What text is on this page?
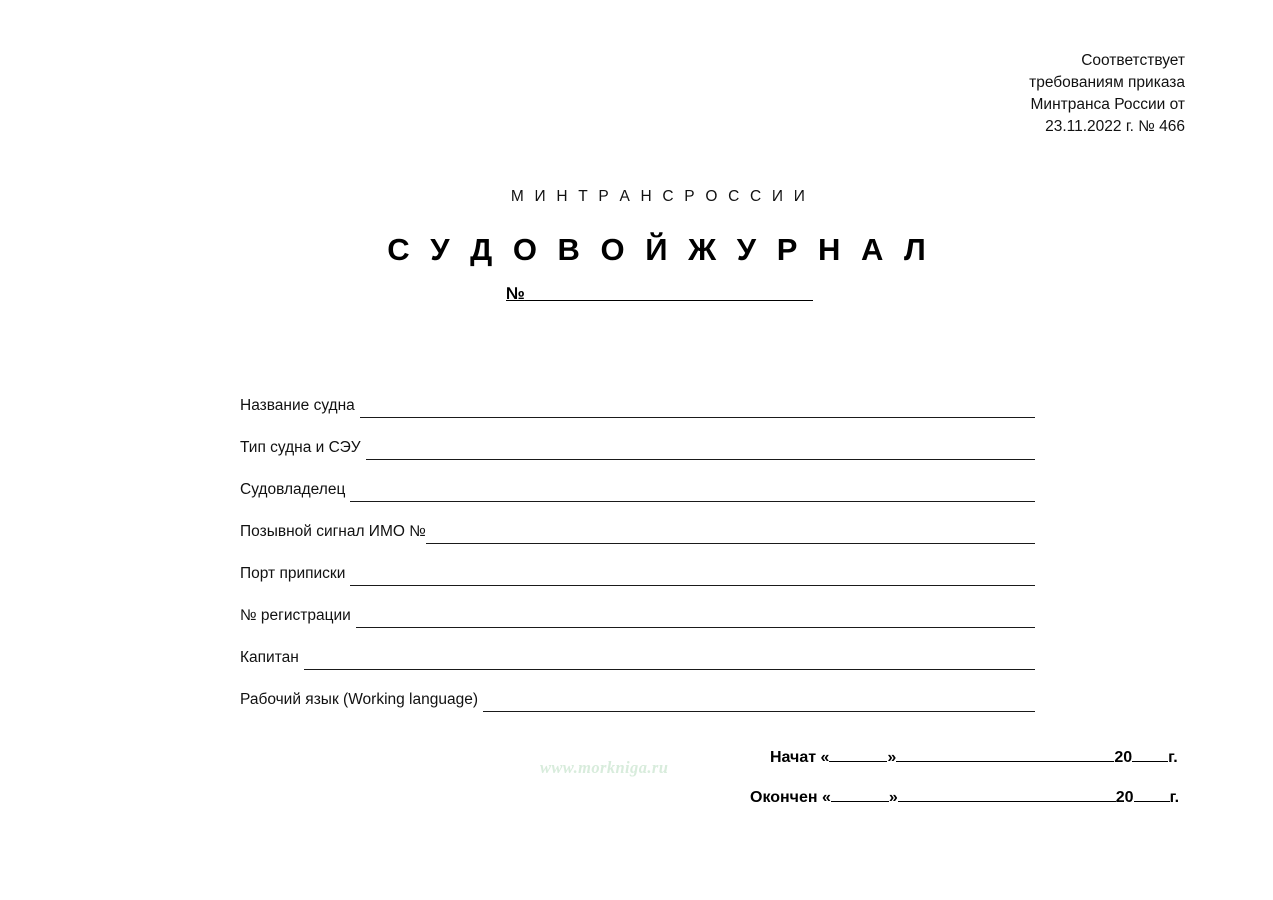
Соответствует
требованиям приказа
Минтранса России от
23.11.2022 г. № 466
М И Н Т Р А Н С Р О С С И И
С У Д О В О Й Ж У Р Н А Л
№
Название судна
Тип судна и СЭУ
Судовладелец
Позывной сигнал ИМО №
Порт приписки
№ регистрации
Капитан
Рабочий язык (Working language)
www.morkniga.ru
Начат «	»	20 г.
Окончен «	»	20 г.
